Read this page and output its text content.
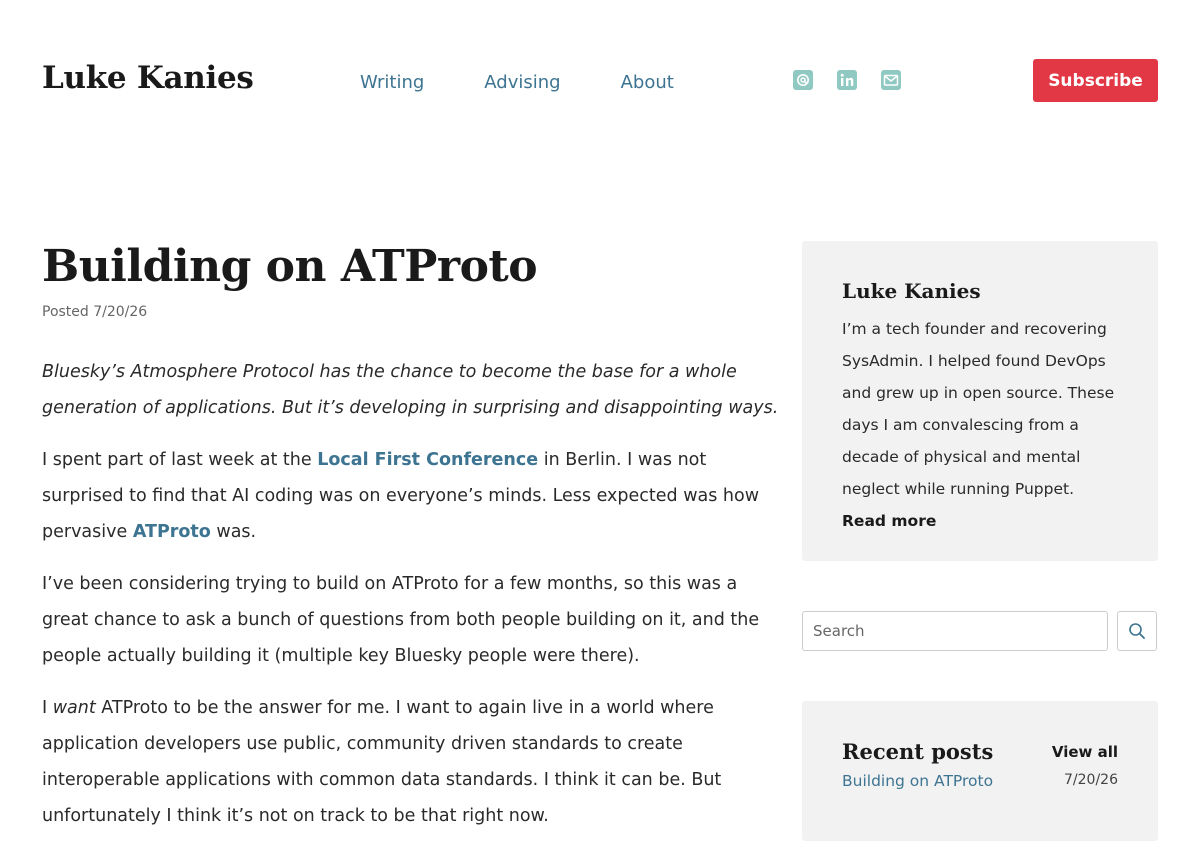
Luke Kanies	Writing	Advising	About	Subscribe
Building on ATProto
Posted 7/20/26

Bluesky’s Atmosphere Protocol has the chance to become the base for a whole generation of applications. But it’s developing in surprising and disappointing ways.

I spent part of last week at the Local First Conference in Berlin. I was not surprised to find that AI coding was on everyone’s minds. Less expected was how pervasive ATProto was.

I’ve been considering trying to build on ATProto for a few months, so this was a great chance to ask a bunch of questions from both people building on it, and the people actually building it (multiple key Bluesky people were there).

I want ATProto to be the answer for me. I want to again live in a world where application developers use public, community driven standards to create interoperable applications with common data standards. I think it can be. But unfortunately I think it’s not on track to be that right now.

Luke Kanies
I’m a tech founder and recovering SysAdmin. I helped found DevOps and grew up in open source. These days I am convalescing from a decade of physical and mental neglect while running Puppet. Read more
Search
Recent posts	View all
Building on ATProto	7/20/26
